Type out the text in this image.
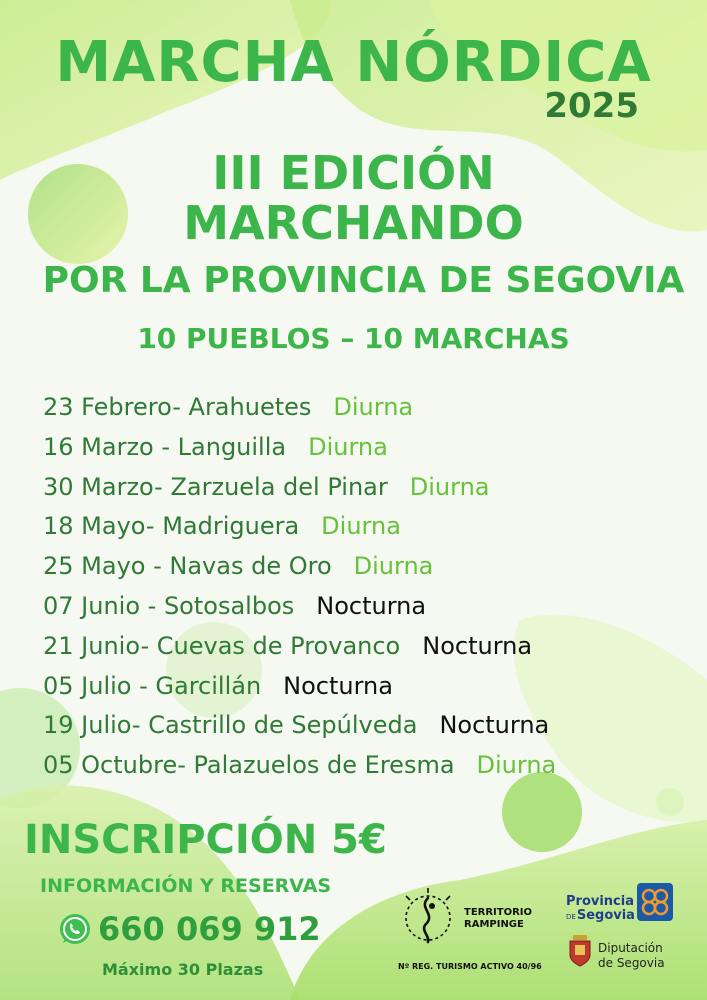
MARCHA NÓRDICA
2025
III EDICIÓN
MARCHANDO
POR LA PROVINCIA DE SEGOVIA
10 PUEBLOS – 10 MARCHAS
23 Febrero- Arahuetes Diurna
16 Marzo - Languilla Diurna
30 Marzo- Zarzuela del Pinar Diurna
18 Mayo- Madriguera Diurna
25 Mayo - Navas de Oro Diurna
07 Junio - Sotosalbos Nocturna
21 Junio- Cuevas de Provanco Nocturna
05 Julio - Garcillán Nocturna
19 Julio- Castrillo de Sepúlveda Nocturna
05 Octubre- Palazuelos de Eresma Diurna
INSCRIPCIÓN 5€
INFORMACIÓN Y RESERVAS
660 069 912
Máximo 30 Plazas
TERRITORIO
RAMPINGE
Nº REG. TURISMO ACTIVO 40/96
Provincia
DESegovia
Diputación
de Segovia
